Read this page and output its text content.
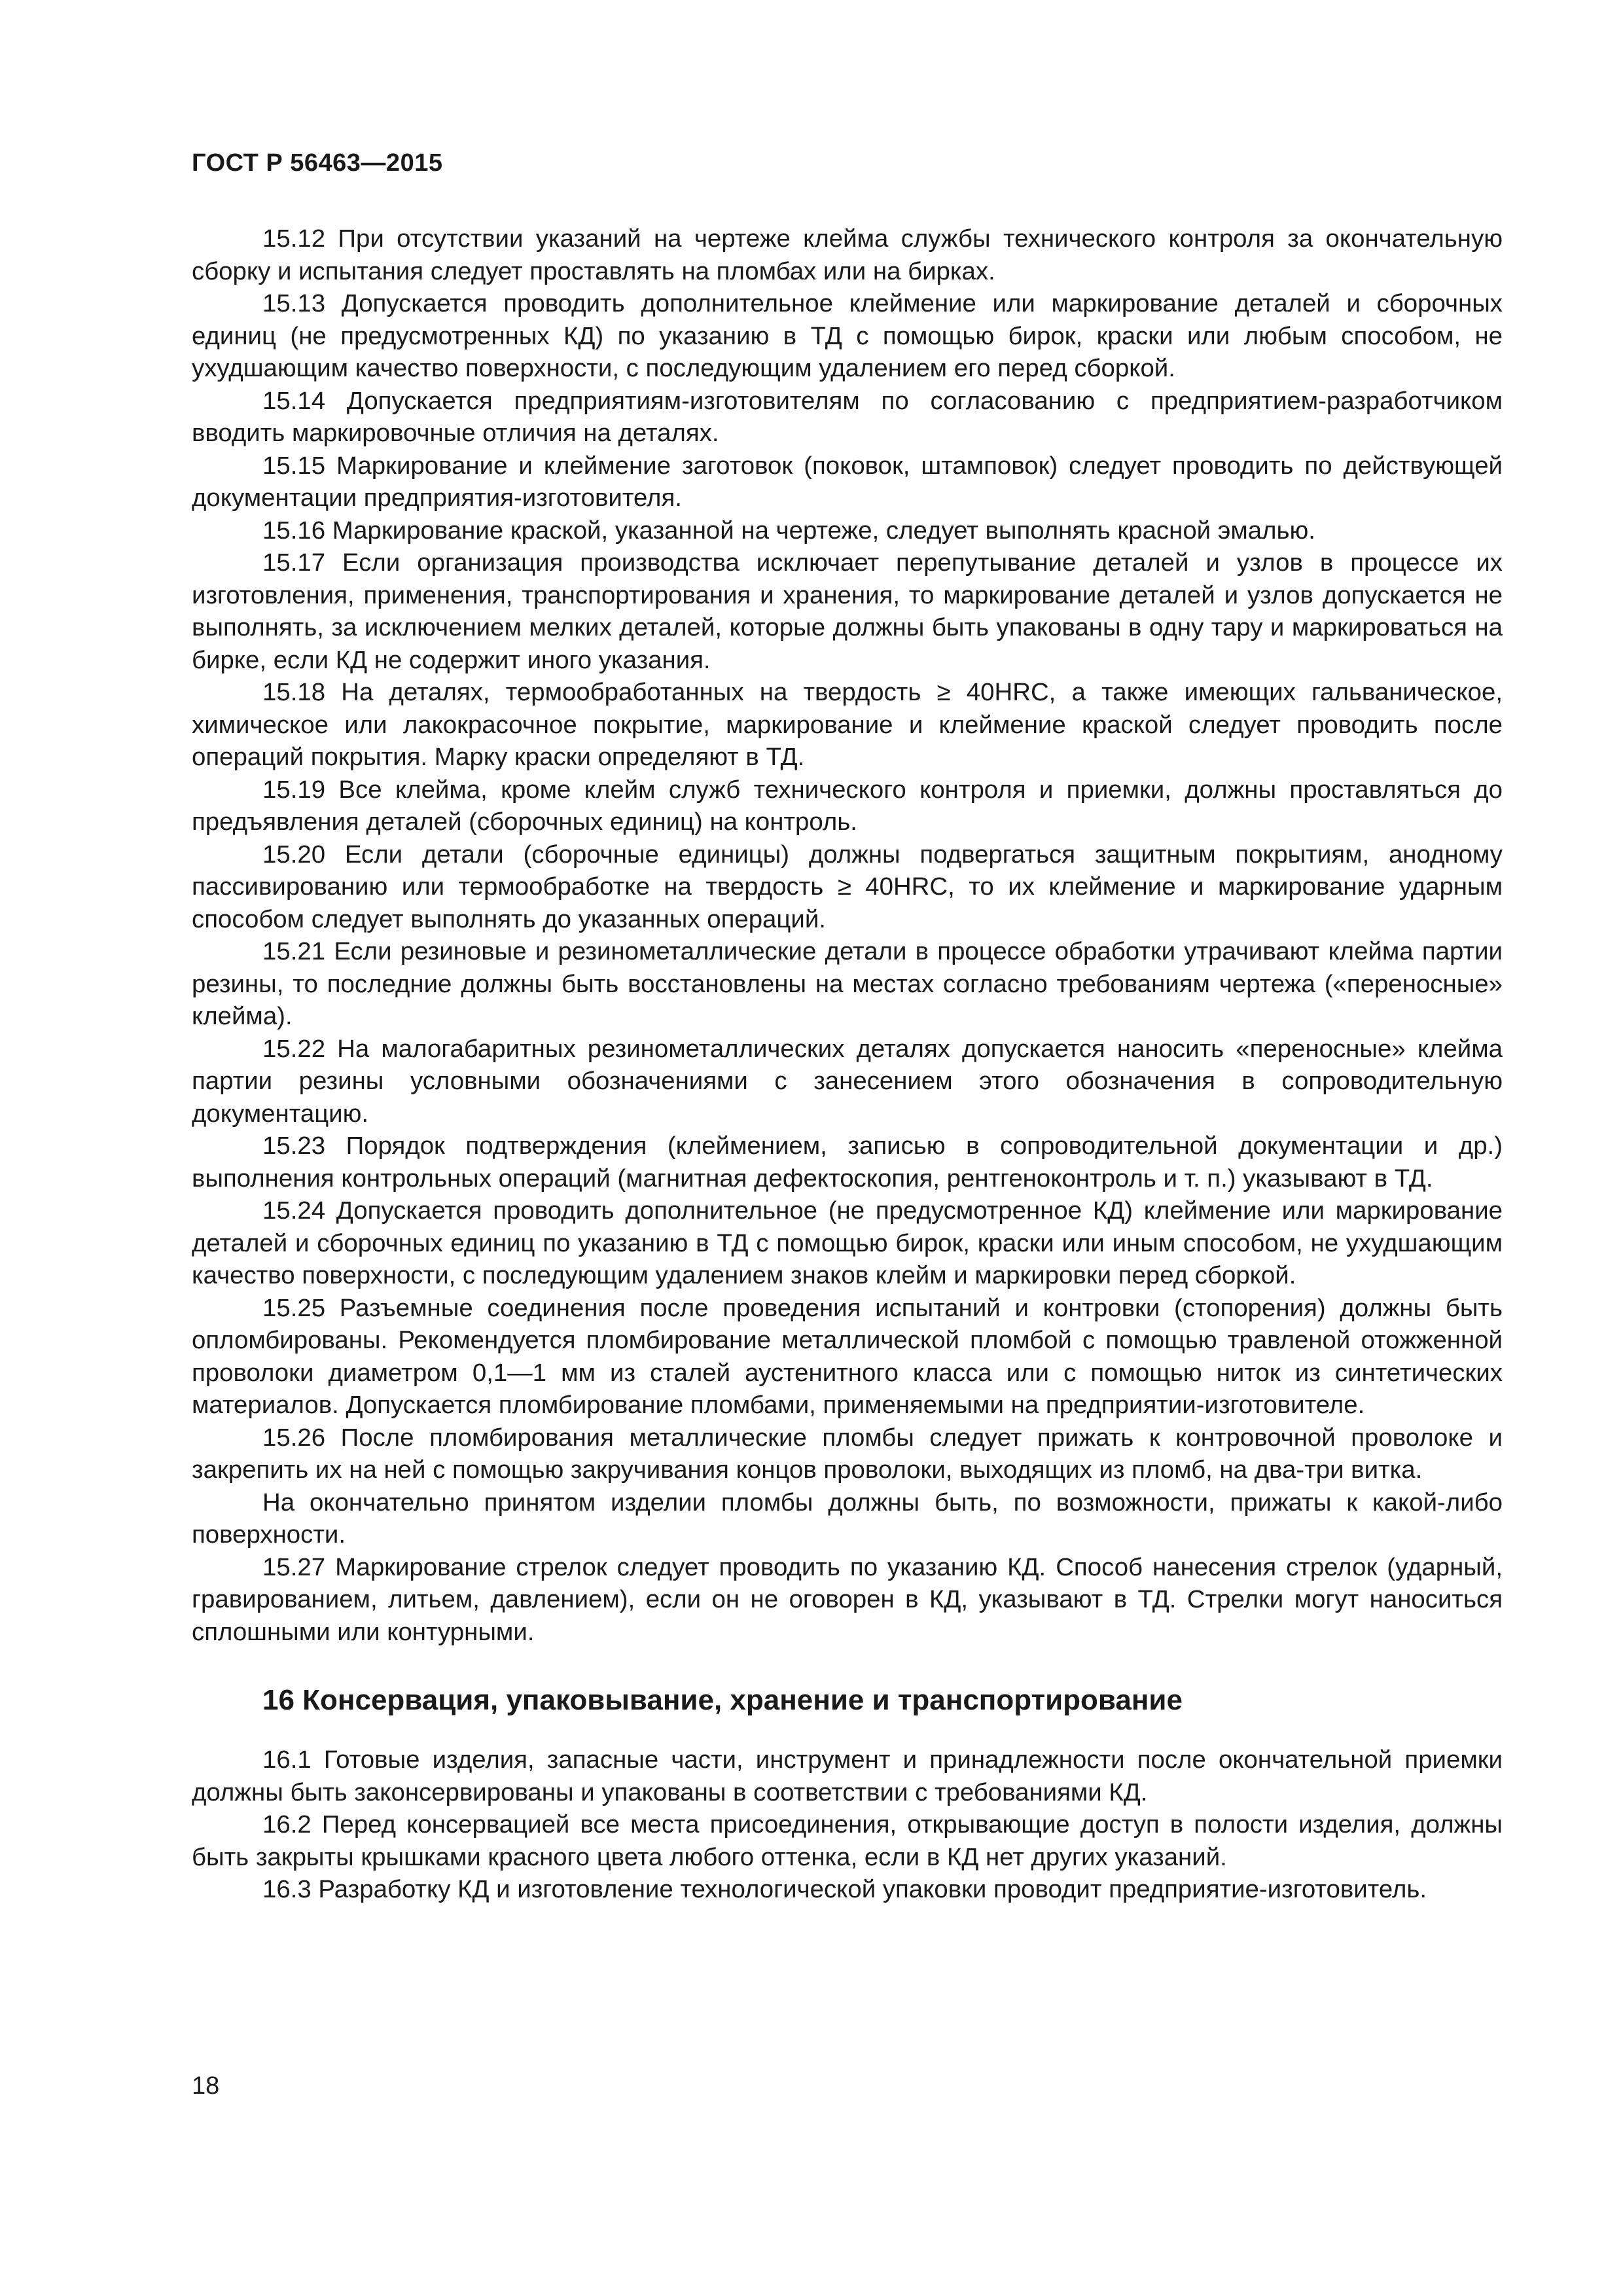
ГОСТ Р 56463—2015

15.12 При отсутствии указаний на чертеже клейма службы технического контроля за окончательную сборку и испытания следует проставлять на пломбах или на бирках.

15.13 Допускается проводить дополнительное клеймение или маркирование деталей и сборочных единиц (не предусмотренных КД) по указанию в ТД с помощью бирок, краски или любым способом, не ухудшающим качество поверхности, с последующим удалением его перед сборкой.

15.14 Допускается предприятиям-изготовителям по согласованию с предприятием-разработчиком вводить маркировочные отличия на деталях.

15.15 Маркирование и клеймение заготовок (поковок, штамповок) следует проводить по действующей документации предприятия-изготовителя.

15.16 Маркирование краской, указанной на чертеже, следует выполнять красной эмалью.

15.17 Если организация производства исключает перепутывание деталей и узлов в процессе их изготовления, применения, транспортирования и хранения, то маркирование деталей и узлов допускается не выполнять, за исключением мелких деталей, которые должны быть упакованы в одну тару и маркироваться на бирке, если КД не содержит иного указания.

15.18 На деталях, термообработанных на твердость ≥ 40HRC, а также имеющих гальваническое, химическое или лакокрасочное покрытие, маркирование и клеймение краской следует проводить после операций покрытия. Марку краски определяют в ТД.

15.19 Все клейма, кроме клейм служб технического контроля и приемки, должны проставляться до предъявления деталей (сборочных единиц) на контроль.

15.20 Если детали (сборочные единицы) должны подвергаться защитным покрытиям, анодному пассивированию или термообработке на твердость ≥ 40HRC, то их клеймение и маркирование ударным способом следует выполнять до указанных операций.

15.21 Если резиновые и резинометаллические детали в процессе обработки утрачивают клейма партии резины, то последние должны быть восстановлены на местах согласно требованиям чертежа («переносные» клейма).

15.22 На малогабаритных резинометаллических деталях допускается наносить «переносные» клейма партии резины условными обозначениями с занесением этого обозначения в сопроводительную документацию.

15.23 Порядок подтверждения (клеймением, записью в сопроводительной документации и др.) выполнения контрольных операций (магнитная дефектоскопия, рентгеноконтроль и т. п.) указывают в ТД.

15.24 Допускается проводить дополнительное (не предусмотренное КД) клеймение или маркирование деталей и сборочных единиц по указанию в ТД с помощью бирок, краски или иным способом, не ухудшающим качество поверхности, с последующим удалением знаков клейм и маркировки перед сборкой.

15.25 Разъемные соединения после проведения испытаний и контровки (стопорения) должны быть опломбированы. Рекомендуется пломбирование металлической пломбой с помощью травленой отожженной проволоки диаметром 0,1—1 мм из сталей аустенитного класса или с помощью ниток из синтетических материалов. Допускается пломбирование пломбами, применяемыми на предприятии-изготовителе.

15.26 После пломбирования металлические пломбы следует прижать к контровочной проволоке и закрепить их на ней с помощью закручивания концов проволоки, выходящих из пломб, на два-три витка.

На окончательно принятом изделии пломбы должны быть, по возможности, прижаты к какой-либо поверхности.

15.27 Маркирование стрелок следует проводить по указанию КД. Способ нанесения стрелок (ударный, гравированием, литьем, давлением), если он не оговорен в КД, указывают в ТД. Стрелки могут наноситься сплошными или контурными.

16 Консервация, упаковывание, хранение и транспортирование

16.1 Готовые изделия, запасные части, инструмент и принадлежности после окончательной приемки должны быть законсервированы и упакованы в соответствии с требованиями КД.

16.2 Перед консервацией все места присоединения, открывающие доступ в полости изделия, должны быть закрыты крышками красного цвета любого оттенка, если в КД нет других указаний.

16.3 Разработку КД и изготовление технологической упаковки проводит предприятие-изготовитель.

18
